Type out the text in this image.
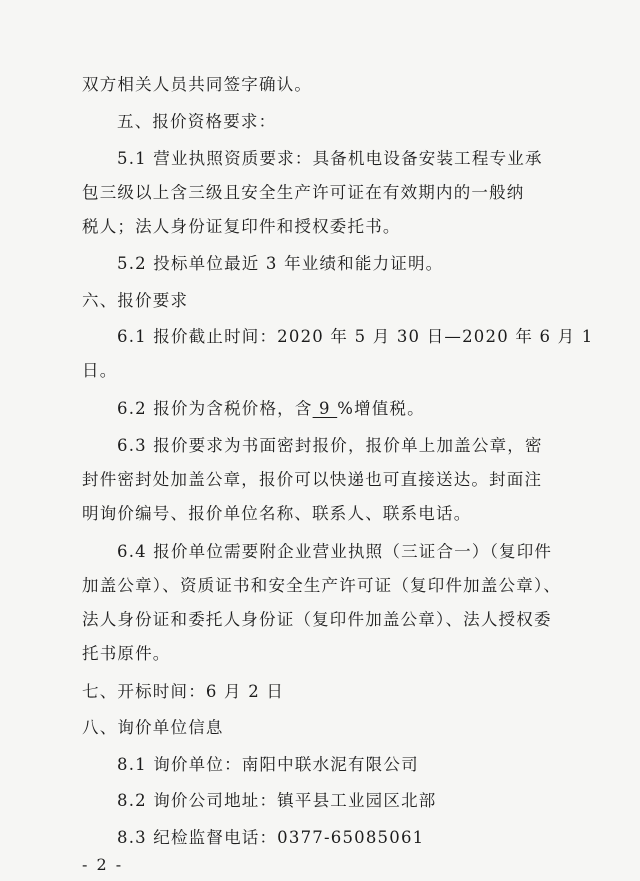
双方相关人员共同签字确认。
五、报价资格要求：
5.1 营业执照资质要求：具备机电设备安装工程专业承
包三级以上含三级且安全生产许可证在有效期内的一般纳
税人；法人身份证复印件和授权委托书。
5.2 投标单位最近 3 年业绩和能力证明。
六、报价要求
6.1 报价截止时间：2020 年 5 月 30 日—2020 年 6 月 1
日。
6.2 报价为含税价格，含 9 %增值税。
6.3 报价要求为书面密封报价，报价单上加盖公章，密
封件密封处加盖公章，报价可以快递也可直接送达。封面注
明询价编号、报价单位名称、联系人、联系电话。
6.4 报价单位需要附企业营业执照（三证合一）（复印件
加盖公章）、资质证书和安全生产许可证（复印件加盖公章）、
法人身份证和委托人身份证（复印件加盖公章）、法人授权委
托书原件。
七、开标时间：6 月 2 日
八、询价单位信息
8.1 询价单位：南阳中联水泥有限公司
8.2 询价公司地址：镇平县工业园区北部
8.3 纪检监督电话：0377-65085061
- 2 -
